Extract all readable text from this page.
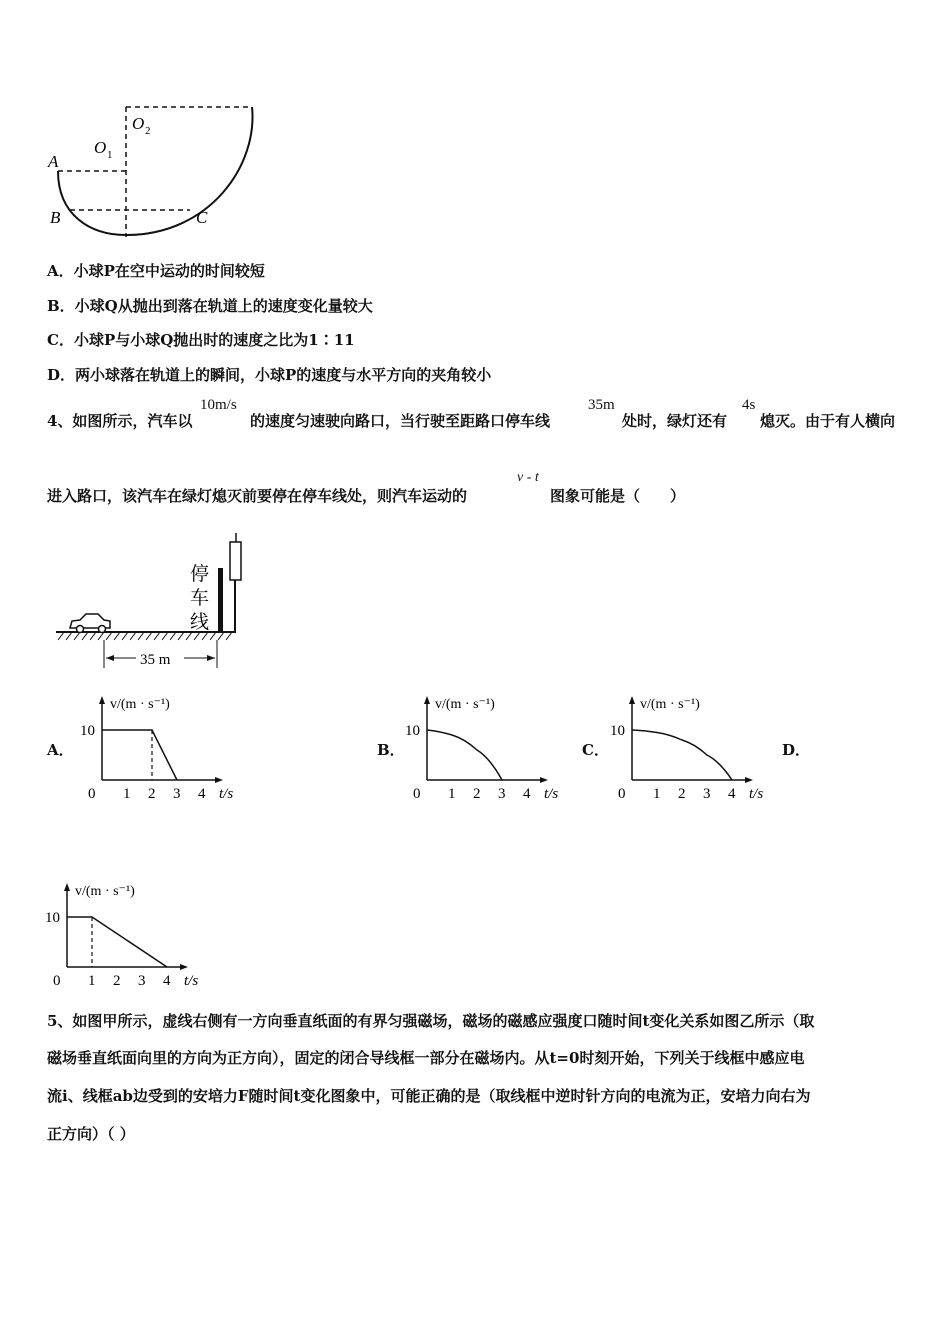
A
B	C
O 1
O 2
A．小球P在空中运动的时间较短
B．小球Q从抛出到落在轨道上的速度变化量较大
C．小球P与小球Q抛出时的速度之比为1∶11
D．两小球落在轨道上的瞬间，小球P的速度与水平方向的夹角较小
4、如图所示，汽车以
10m/s
的速度匀速驶向路口，当行驶至距路口停车线
35m
处时，绿灯还有
4s
熄灭。由于有人横向
进入路口，该汽车在绿灯熄灭前要停在停车线处，则汽车运动的
v - t
图象可能是（　　）
停
车
线
35 m
A．	B．	C．	D．
0 1 2 3 4
10
t/s
v/(m · s⁻¹)
0 1 2 3 4
10
t/s
v/(m · s⁻¹)
0 1 2 3 4
10
t/s
v/(m · s⁻¹)
0 1 2 3 4
10
t/s
v/(m · s⁻¹)
5、如图甲所示，虚线右侧有一方向垂直纸面的有界匀强磁场，磁场的磁感应强度口随时间t变化关系如图乙所示（取
磁场垂直纸面向里的方向为正方向），固定的闭合导线框一部分在磁场内。从t=0时刻开始，下列关于线框中感应电
流i、线框ab边受到的安培力F随时间t变化图象中，可能正确的是（取线框中逆时针方向的电流为正，安培力向右为
正方向）（ ）
